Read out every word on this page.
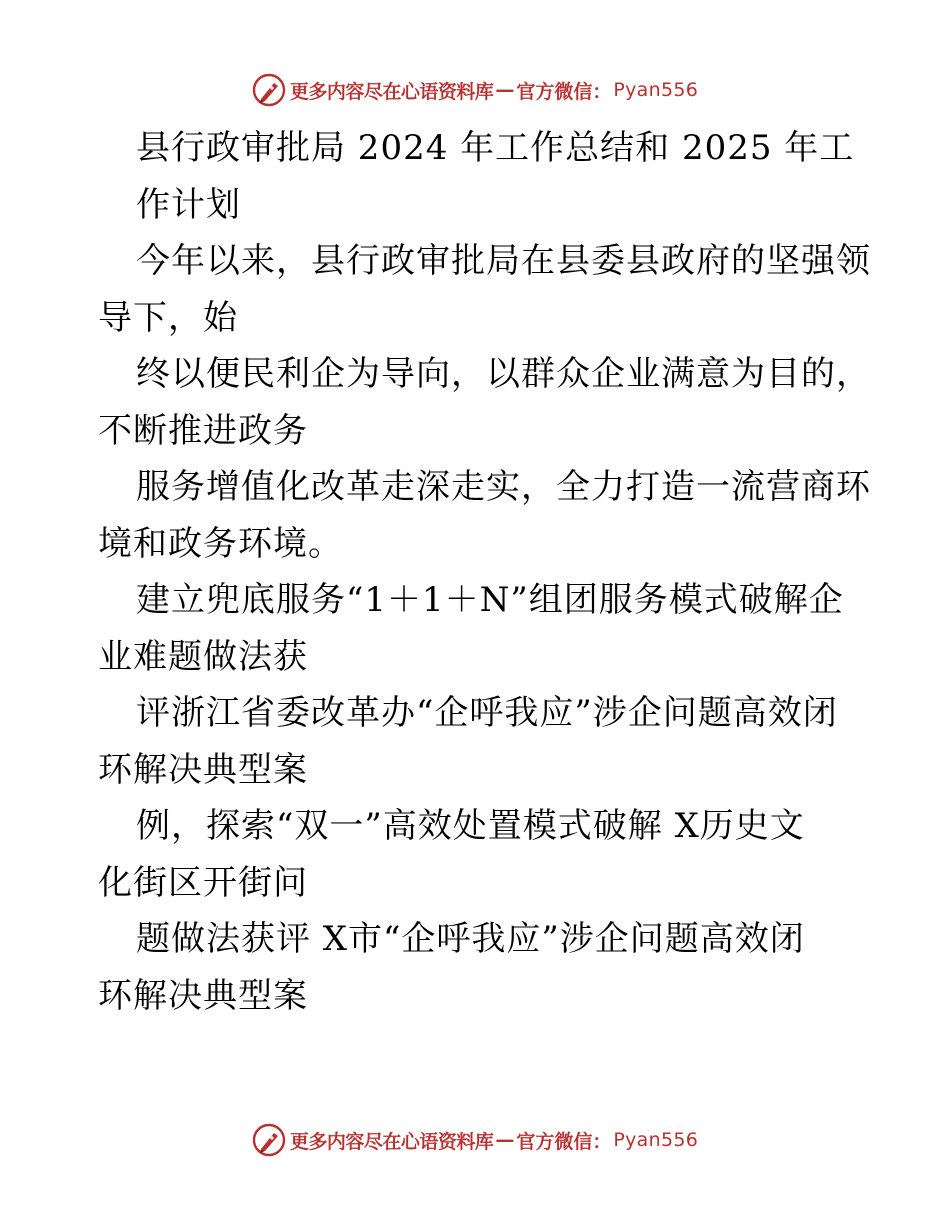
更多内容尽在心语资料库 — 官方微信： Pyan556
县行政审批局 2024 年工作总结和 2025 年工
作计划
今年以来，县行政审批局在县委县政府的坚强领
导下，始
终以便民利企为导向，以群众企业满意为目的，
不断推进政务
服务增值化改革走深走实，全力打造一流营商环
境和政务环境。
建立兜底服务“1＋1＋N”组团服务模式破解企
业难题做法获
评浙江省委改革办“企呼我应”涉企问题高效闭
环解决典型案
例，探索“双一”高效处置模式破解 X历史文
化街区开街问
题做法获评 X市“企呼我应”涉企问题高效闭
环解决典型案
更多内容尽在心语资料库 — 官方微信： Pyan556
